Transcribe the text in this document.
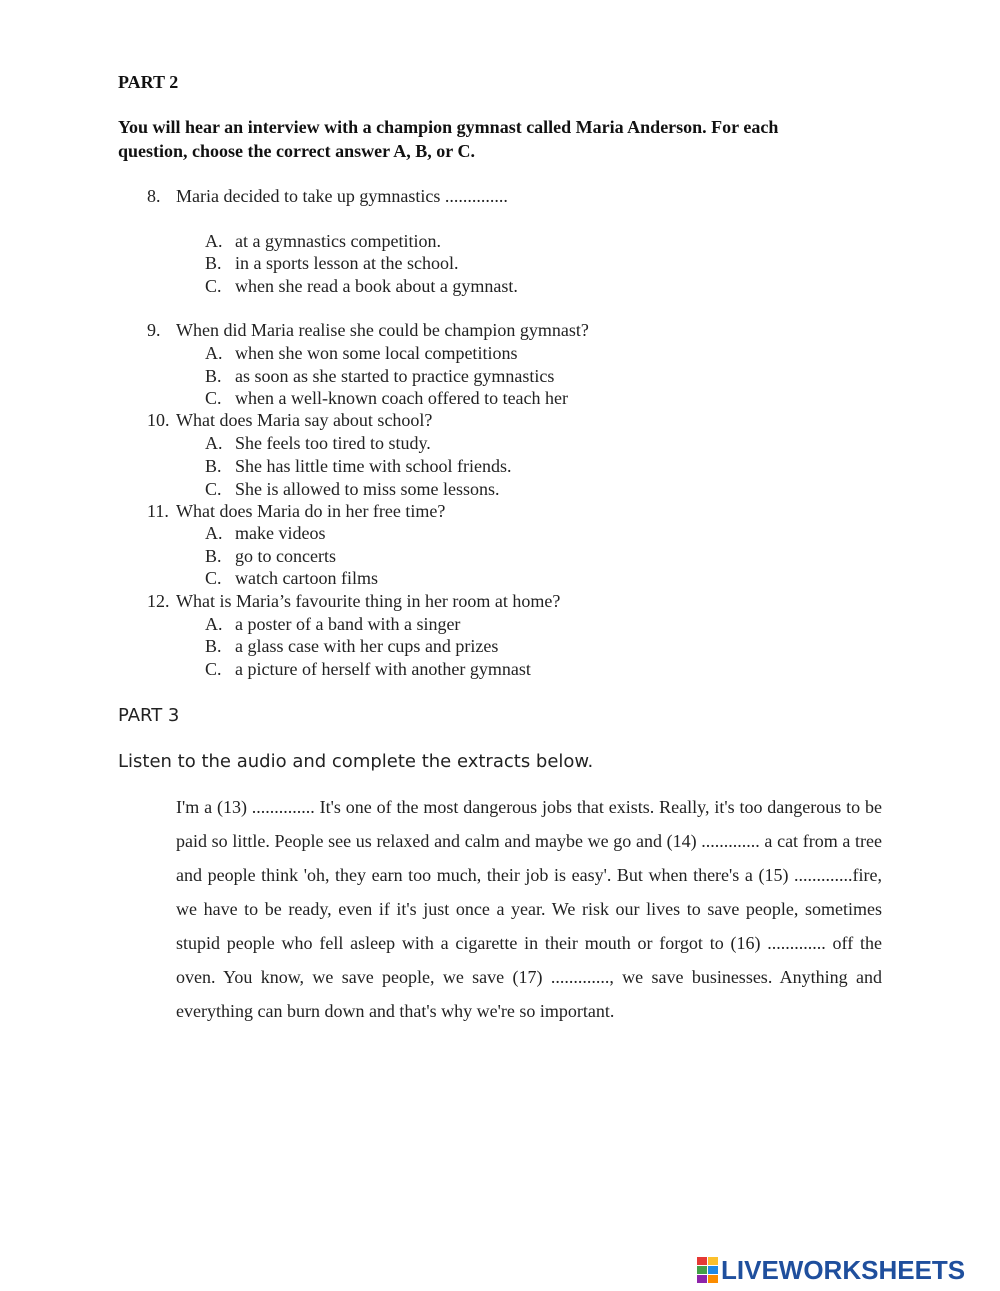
PART 2
You will hear an interview with a champion gymnast called Maria Anderson. For each
question, choose the correct answer A, B, or C.
8. Maria decided to take up gymnastics ..............
A. at a gymnastics competition.
B. in a sports lesson at the school.
C. when she read a book about a gymnast.
9. When did Maria realise she could be champion gymnast?
A. when she won some local competitions
B. as soon as she started to practice gymnastics
C. when a well-known coach offered to teach her
10. What does Maria say about school?
A. She feels too tired to study.
B. She has little time with school friends.
C. She is allowed to miss some lessons.
11. What does Maria do in her free time?
A. make videos
B. go to concerts
C. watch cartoon films
12. What is Maria’s favourite thing in her room at home?
A. a poster of a band with a singer
B. a glass case with her cups and prizes
C. a picture of herself with another gymnast
PART 3
Listen to the audio and complete the extracts below.
I'm a (13) .............. It's one of the most dangerous jobs that exists. Really, it's too dangerous to be paid so little. People see us relaxed and calm and maybe we go and (14) ............. a cat from a tree and people think 'oh, they earn too much, their job is easy'. But when there's a (15) .............fire, we have to be ready, even if it's just once a year. We risk our lives to save people, sometimes stupid people who fell asleep with a cigarette in their mouth or forgot to (16) ............. off the oven. You know, we save people, we save (17) ............., we save businesses. Anything and everything can burn down and that's why we're so important.
LIVEWORKSHEETS
